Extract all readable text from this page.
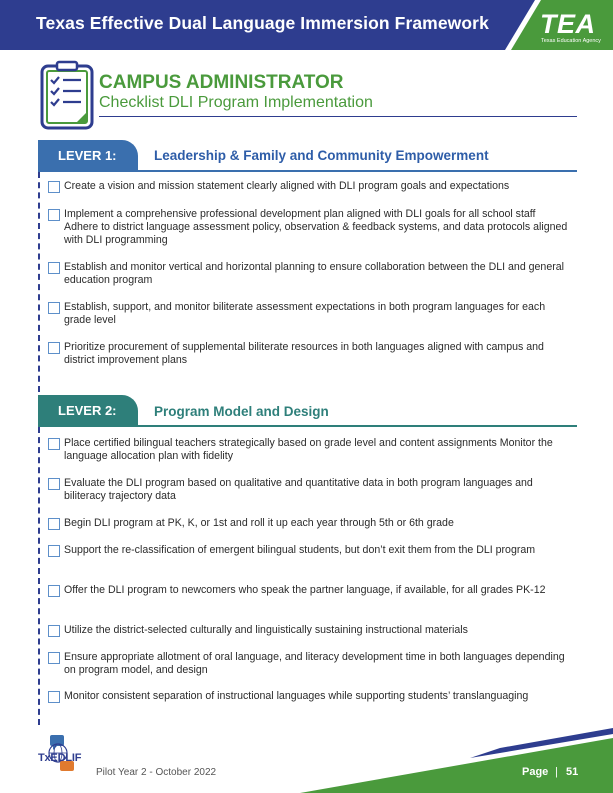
Texas Effective Dual Language Immersion Framework TEA
Texas Education Agency
CAMPUS ADMINISTRATOR
Checklist DLI Program Implementation
LEVER 1:	Leadership & Family and Community Empowerment
Create a vision and mission statement clearly aligned with DLI program goals and expectations
Implement a comprehensive professional development plan aligned with DLI goals for all school staff Adhere to district language assessment policy, observation & feedback systems, and data protocols aligned with DLI programming
Establish and monitor vertical and horizontal planning to ensure collaboration between the DLI and general education program
Establish, support, and monitor biliterate assessment expectations in both program languages for each grade level
Prioritize procurement of supplemental biliterate resources in both languages aligned with campus and district improvement plans
LEVER 2:	Program Model and Design
Place certified bilingual teachers strategically based on grade level and content assignments Monitor the language allocation plan with fidelity
Evaluate the DLI program based on qualitative and quantitative data in both program languages and biliteracy trajectory data
Begin DLI program at PK, K, or 1st and roll it up each year through 5th or 6th grade
Support the re-classification of emergent bilingual students, but don’t exit them from the DLI program
Offer the DLI program to newcomers who speak the partner language, if available, for all grades PK-12
Utilize the district-selected culturally and linguistically sustaining instructional materials
Ensure appropriate allotment of oral language, and literacy development time in both languages depending on program model, and design
Monitor consistent separation of instructional languages while supporting students’ translanguaging
TxEDLIF
Pilot Year 2 - October 2022	Page | 51
